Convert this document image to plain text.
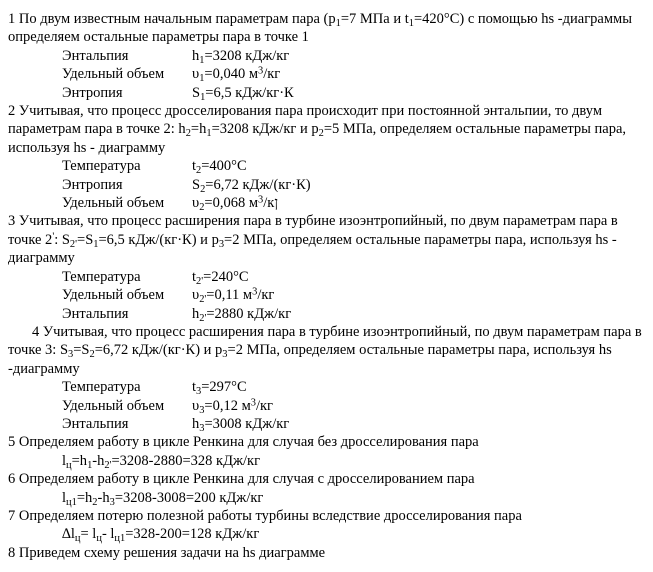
1 По двум известным начальным параметрам пара ($p_1=7$ МПа и $t_1=420^\circ С$) с помощью hs -диаграммы определяем остальные параметры пара в точке 1

Энтальпия	$h_1=3208$ кДж/кг
Удельный объем	$\upsilon_1=0,040$ $м^3/кг$
Энтропия	$S_1=6,5$ кДж/кг·К

2 Учитывая, что процесс дросселирования пара происходит при постоянной энтальпии, то двум параметрам пара в точке 2: $h_2=h_1=3208$ кДж/кг и $p_2=5$ МПа, определяем остальные параметры пара, используя hs - диаграмму

Температура	$t_2=400^\circ С$
Энтропия	$S_2=6,72$ кДж/(кг·К)
Удельный объем	$\upsilon_2=0,068$ $м^3/кן$

3 Учитывая, что процесс расширения пара в турбине изоэнтропийный, по двум параметрам пара в точке 2': $S_{2'}=S_1=6,5$ кДж/(кг·К) и $p_3=2$ МПа, определяем остальные параметры пара, используя hs - диаграмму

Температура	$t_{2'}=240^\circ С$
Удельный объем	$\upsilon_{2'}=0,11$ $м^3/кг$
Энтальпия	$h_{2'}=2880$ кДж/кг

4 Учитывая, что процесс расширения пара в турбине изоэнтропийный, по двум параметрам пара в точке 3: $S_3=S_2=6,72$ кДж/(кг·К) и $p_3=2$ МПа, определяем остальные параметры пара, используя hs -диаграмму

Температура	$t_3=297^\circ С$
Удельный объем	$\upsilon_3=0,12$ $м^3/кг$
Энтальпия	$h_3=3008$ кДж/кг

5 Определяем работу в цикле Ренкина для случая без дросселирования пара

$l_ц=h_1-h_{2'}=3208-2880=328$ кДж/кг

6 Определяем работу в цикле Ренкина для случая с дросселированием пара

$l_{ц1}=h_2-h_3=3208-3008=200$ кДж/кг

7 Определяем потерю полезной работы турбины вследствие дросселирования пара

$\Delta l_ц= l_ц-$ $l_{ц1}=328-200=128$ кДж/кг

8 Приведем схему решения задачи на hs диаграмме
